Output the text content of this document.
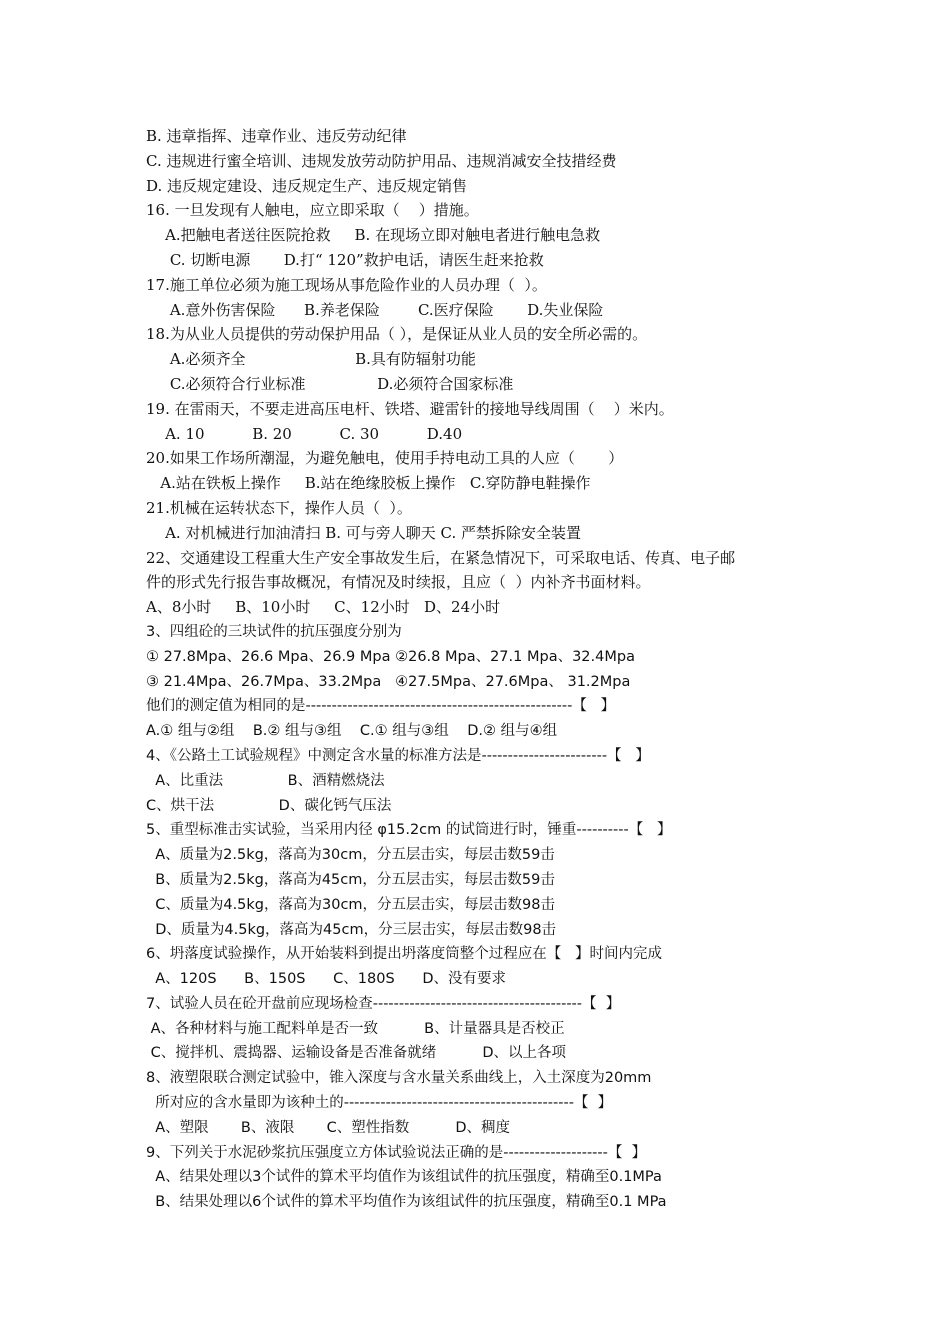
B. 违章指挥、违章作业、违反劳动纪律
C. 违规进行蜜全培训、违规发放劳动防护用品、违规消减安全技措经费
D. 违反规定建设、违反规定生产、违反规定销售
16. 一旦发现有人触电，应立即采取（    ）措施。
A.把触电者送往医院抢救     B. 在现场立即对触电者进行触电急救
C. 切断电源       D.打“ 120”救护电话，请医生赶来抢救
17.施工单位必须为施工现场从事危险作业的人员办理（  ）。
A.意外伤害保险      B.养老保险        C.医疗保险       D.失业保险
18.为从业人员提供的劳动保护用品（ ），是保证从业人员的安全所必需的。
A.必须齐全                       B.具有防辐射功能
C.必须符合行业标准               D.必须符合国家标准
19. 在雷雨天，不要走进高压电杆、铁塔、避雷针的接地导线周围（    ）米内。
A. 10          B. 20          C. 30          D.40
20.如果工作场所潮湿，为避免触电，使用手持电动工具的人应（       ）
A.站在铁板上操作     B.站在绝缘胶板上操作   C.穿防静电鞋操作
21.机械在运转状态下，操作人员（  ）。
A. 对机械进行加油清扫 B. 可与旁人聊天 C. 严禁拆除安全装置
22、交通建设工程重大生产安全事故发生后，在紧急情况下，可采取电话、传真、电子邮
件的形式先行报告事故概况，有情况及时续报，且应（  ）内补齐书面材料。
A、8小时     B、10小时     C、12小时   D、24小时
3、四组砼的三块试件的抗压强度分别为
① 27.8Mpa、26.6 Mpa、26.9 Mpa ②26.8 Mpa、27.1 Mpa、32.4Mpa
③ 21.4Mpa、26.7Mpa、33.2Mpa   ④27.5Mpa、27.6Mpa、 31.2Mpa
他们的测定值为相同的是---------------------------------------------------【   】
A.① 组与②组    B.② 组与③组    C.① 组与③组    D.② 组与④组
4、《公路土工试验规程》中测定含水量的标准方法是------------------------【   】
A、比重法              B、酒精燃烧法
C、烘干法              D、碳化钙气压法
5、重型标准击实试验，当采用内径 φ15.2cm 的试筒进行时，锤重----------【   】
A、质量为2.5kg，落高为30cm，分五层击实，每层击数59击
B、质量为2.5kg，落高为45cm，分五层击实，每层击数59击
C、质量为4.5kg，落高为30cm，分五层击实，每层击数98击
D、质量为4.5kg，落高为45cm，分三层击实，每层击数98击
6、坍落度试验操作，从开始装料到提出坍落度筒整个过程应在【   】时间内完成
A、120S      B、150S      C、180S      D、没有要求
7、试验人员在砼开盘前应现场检查----------------------------------------【  】
A、各种材料与施工配料单是否一致          B、计量器具是否校正
C、搅拌机、震捣器、运输设备是否准备就绪          D、以上各项
8、液塑限联合测定试验中，锥入深度与含水量关系曲线上，入土深度为20mm
所对应的含水量即为该种土的--------------------------------------------【  】
A、塑限       B、液限       C、塑性指数          D、稠度
9、下列关于水泥砂浆抗压强度立方体试验说法正确的是--------------------【  】
A、结果处理以3个试件的算术平均值作为该组试件的抗压强度，精确至0.1MPa
B、结果处理以6个试件的算术平均值作为该组试件的抗压强度，精确至0.1 MPa
